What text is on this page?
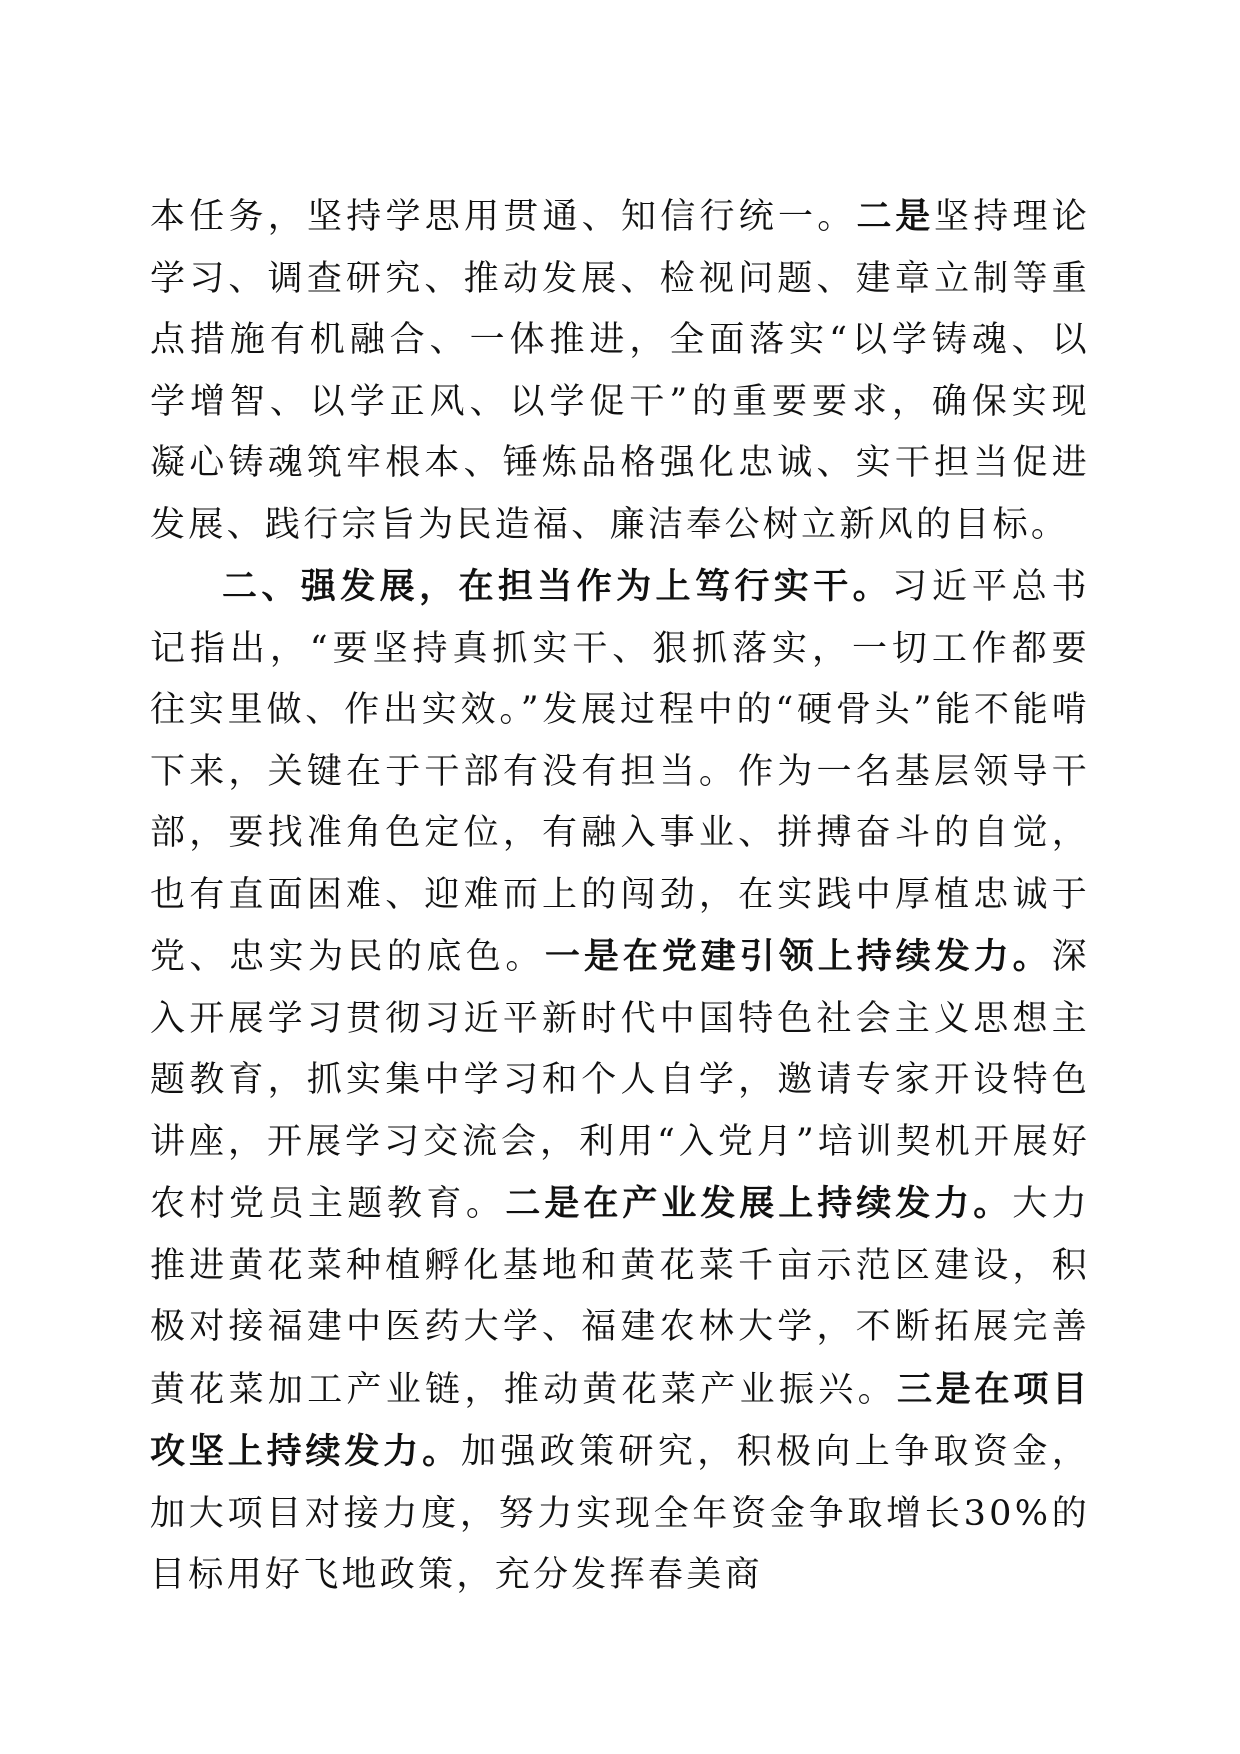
本任务，坚持学思用贯通、知信行统一。二是坚持理论学习、调查研究、推动发展、检视问题、建章立制等重点措施有机融合、一体推进，全面落实“以学铸魂、以学增智、以学正风、以学促干”的重要要求，确保实现凝心铸魂筑牢根本、锤炼品格强化忠诚、实干担当促进发展、践行宗旨为民造福、廉洁奉公树立新风的目标。

二、强发展，在担当作为上笃行实干。习近平总书记指出，“要坚持真抓实干、狠抓落实，一切工作都要往实里做、作出实效。”发展过程中的“硬骨头”能不能啃下来，关键在于干部有没有担当。作为一名基层领导干部，要找准角色定位，有融入事业、拼搏奋斗的自觉，也有直面困难、迎难而上的闯劲，在实践中厚植忠诚于党、忠实为民的底色。一是在党建引领上持续发力。深入开展学习贯彻习近平新时代中国特色社会主义思想主题教育，抓实集中学习和个人自学，邀请专家开设特色讲座，开展学习交流会，利用“入党月”培训契机开展好农村党员主题教育。二是在产业发展上持续发力。大力推进黄花菜种植孵化基地和黄花菜千亩示范区建设，积极对接福建中医药大学、福建农林大学，不断拓展完善黄花菜加工产业链，推动黄花菜产业振兴。三是在项目攻坚上持续发力。加强政策研究，积极向上争取资金，加大项目对接力度，努力实现全年资金争取增长30%的目标用好飞地政策，充分发挥春美商
